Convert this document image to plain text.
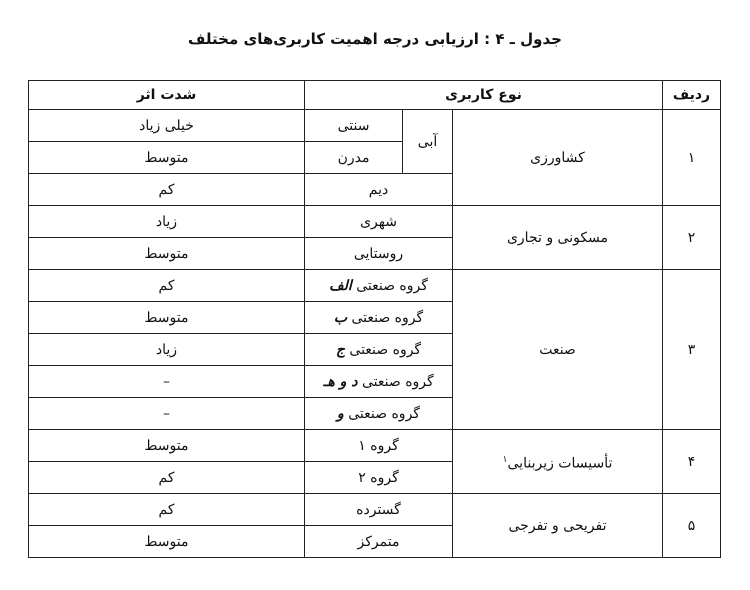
جدول ـ ۴ : ارزیابی درجه اهمیت کاربری‌های مختلف
ردیف	نوع کاربری			شدت اثر
۱	کشاورزی	آبی	سنتی	خیلی زیاد
			مدرن	متوسط
		دیم		کم
۲	مسکونی و تجاری	شهری		زیاد
		روستایی		متوسط
۳	صنعت	گروه صنعتی الف		کم
		گروه صنعتی ب		متوسط
		گروه صنعتی ج		زیاد
		گروه صنعتی د و هـ		–
		گروه صنعتی و		–
۴	تأسیسات زیربنایی$^۱$	گروه ۱		متوسط
		گروه ۲		کم
۵	تفریحی و تفرجی	گسترده		کم
		متمرکز		متوسط
